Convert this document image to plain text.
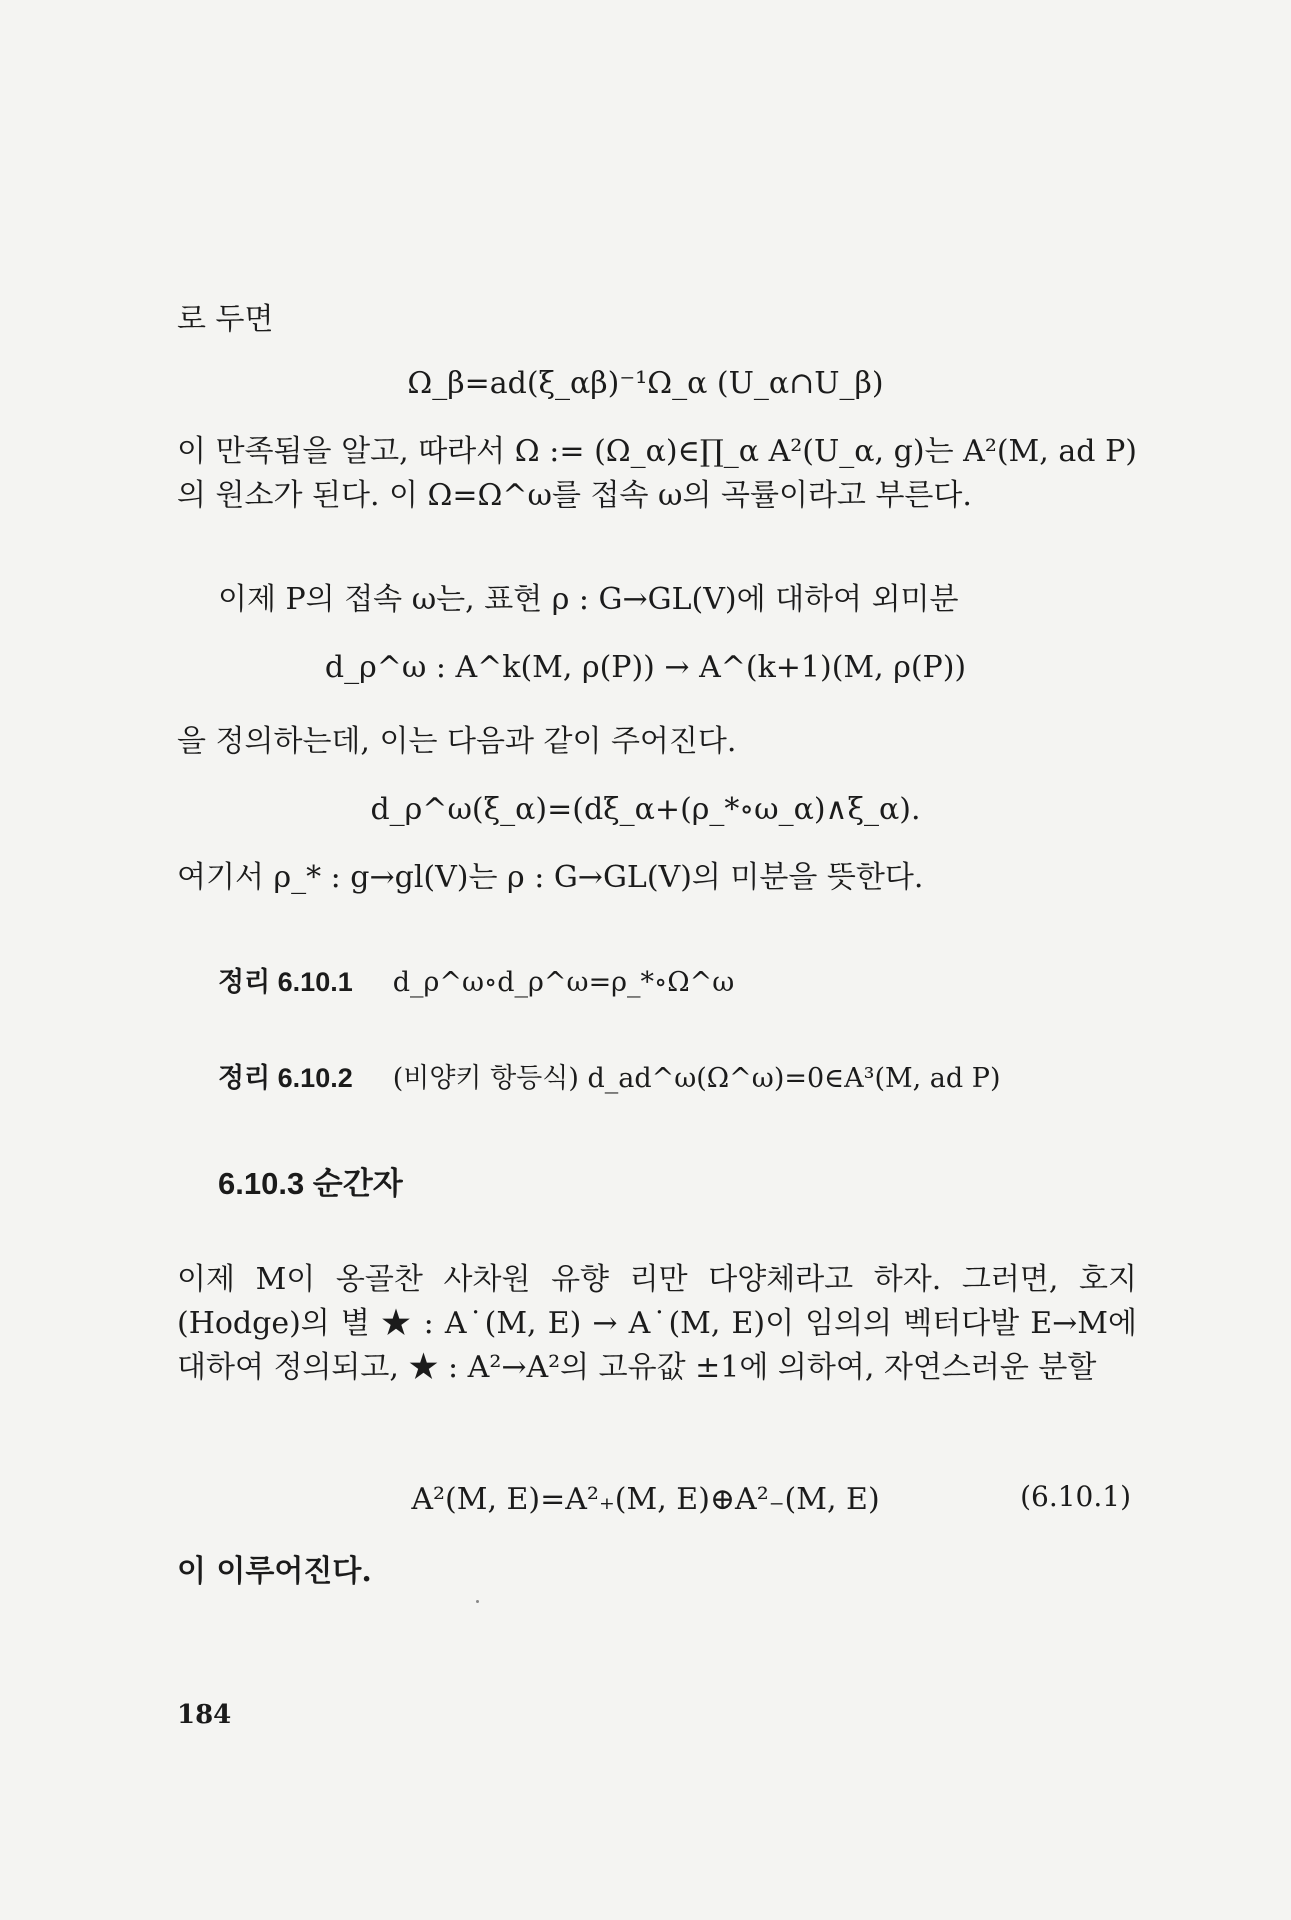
로 두면
Ω_β=ad(ξ_αβ)⁻¹Ω_α (U_α∩U_β)
이 만족됨을 알고, 따라서 Ω := (Ω_α)∈∏_α A²(U_α, g)는 A²(M, ad P)의 원소가 된다. 이 Ω=Ω^ω를 접속 ω의 곡률이라고 부른다.
이제 P의 접속 ω는, 표현 ρ : G→GL(V)에 대하여 외미분
d_ρ^ω : A^k(M, ρ(P)) → A^(k+1)(M, ρ(P))
을 정의하는데, 이는 다음과 같이 주어진다.
d_ρ^ω(ξ_α)=(dξ_α+(ρ_*∘ω_α)∧ξ_α).
여기서 ρ_* : g→gl(V)는 ρ : G→GL(V)의 미분을 뜻한다.
정리 6.10.1 d_ρ^ω∘d_ρ^ω=ρ_*∘Ω^ω
정리 6.10.2 (비양키 항등식) d_ad^ω(Ω^ω)=0∈A³(M, ad P)
6.10.3 순간자
이제 M이 옹골찬 사차원 유향 리만 다양체라고 하자. 그러면, 호지(Hodge)의 별 ★ : A˙(M, E) → A˙(M, E)이 임의의 벡터다발 E→M에 대하여 정의되고, ★ : A²→A²의 고유값 ±1에 의하여, 자연스러운 분할
A²(M, E)=A²₊(M, E)⊕A²₋(M, E)	(6.10.1)
이 이루어진다.
184
